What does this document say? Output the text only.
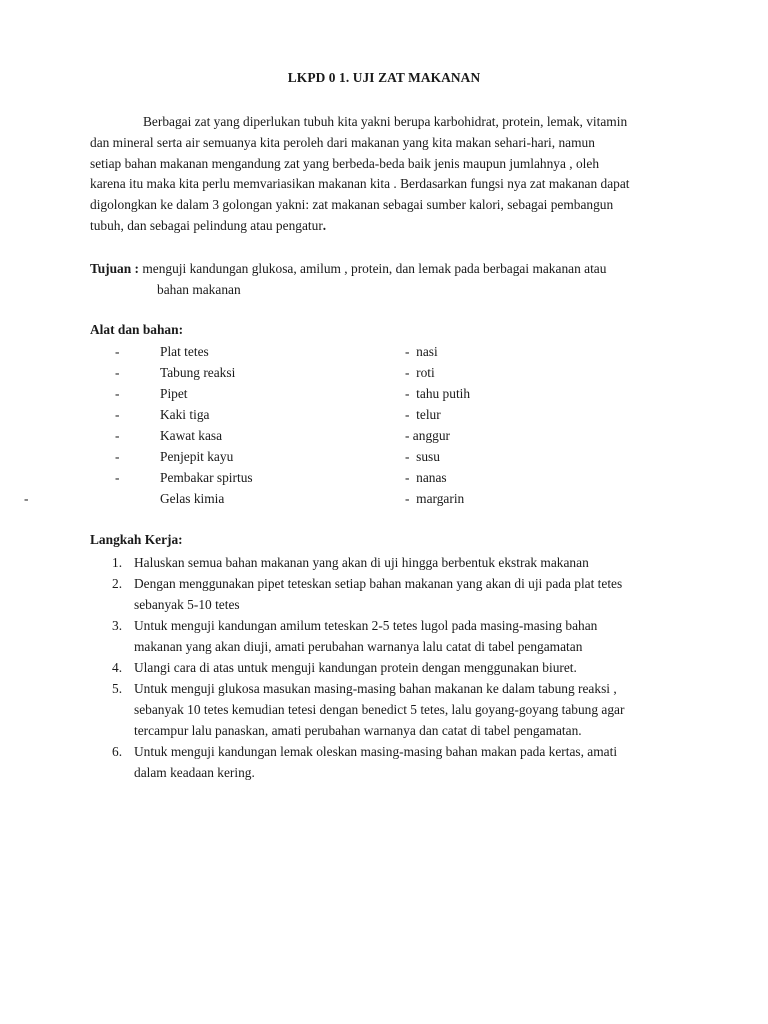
LKPD 0 1. UJI ZAT MAKANAN
Berbagai zat yang diperlukan tubuh kita yakni berupa karbohidrat, protein, lemak, vitamin
dan mineral serta air semuanya kita peroleh dari makanan yang kita makan sehari-hari, namun
setiap bahan makanan mengandung zat yang berbeda-beda baik jenis maupun jumlahnya , oleh
karena itu maka kita perlu memvariasikan makanan kita . Berdasarkan fungsi nya zat makanan dapat
digolongkan ke dalam 3 golongan yakni: zat makanan sebagai sumber kalori, sebagai pembangun
tubuh, dan sebagai pelindung atau pengatur.
Tujuan : menguji kandungan glukosa, amilum , protein, dan lemak pada berbagai makanan atau
bahan makanan
Alat dan bahan:
-	Plat tetes	-  nasi
-	Tabung reaksi	-  roti
-	Pipet	-  tahu putih
-	Kaki tiga	-  telur
-	Kawat kasa	- anggur
-	Penjepit kayu	-  susu
-	Pembakar spirtus	-  nanas
-	Gelas kimia	-  margarin
Langkah Kerja:
1. Haluskan semua bahan makanan yang akan di uji hingga berbentuk ekstrak makanan
2. Dengan menggunakan pipet teteskan setiap bahan makanan yang akan di uji pada plat tetes
sebanyak 5-10 tetes
3. Untuk menguji kandungan amilum teteskan 2-5 tetes lugol pada masing-masing bahan
makanan yang akan diuji, amati perubahan warnanya lalu catat di tabel pengamatan
4. Ulangi cara di atas untuk menguji kandungan protein dengan menggunakan biuret.
5. Untuk menguji glukosa masukan masing-masing bahan makanan ke dalam tabung reaksi ,
sebanyak 10 tetes kemudian tetesi dengan benedict 5 tetes, lalu goyang-goyang tabung agar
tercampur lalu panaskan, amati perubahan warnanya dan catat di tabel pengamatan.
6. Untuk menguji kandungan lemak oleskan masing-masing bahan makan pada kertas, amati
dalam keadaan kering.
